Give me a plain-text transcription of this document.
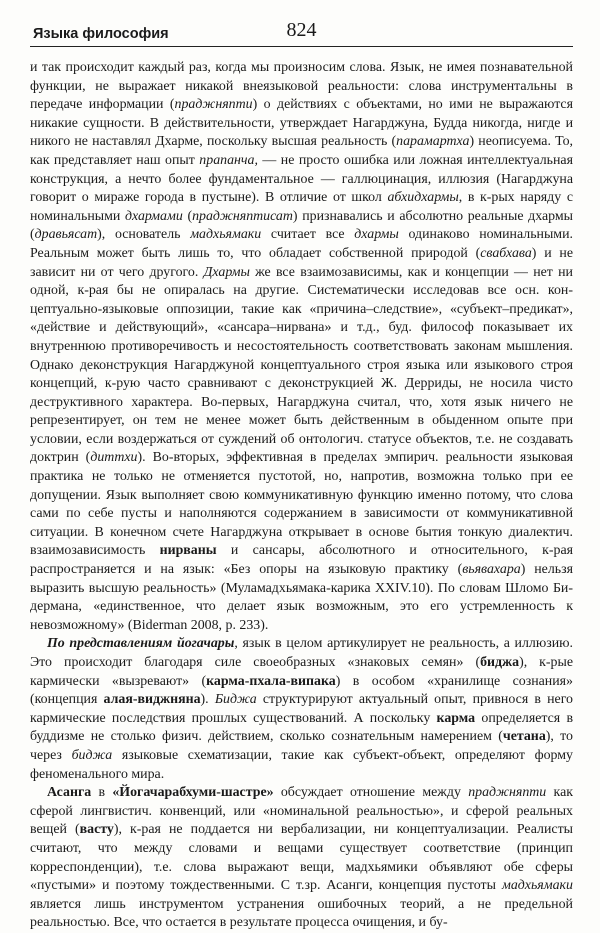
Языка философия	824

и так происходит каждый раз, когда мы произносим слова. Язык, не имея познавательной функции, не выражает никакой внеязыковой реальности: слова инструментальны в передаче информации (праджняпти) о действиях с объектами, но ими не выражаются никакие сущности. В действительности, утверждает Нагарджуна, Будда никогда, нигде и никого не наставлял Дхарме, поскольку высшая реальность (парамартха) неописуема. То, как представляет наш опыт прапанча, — не просто ошибка или ложная интеллектуальная конструкция, а нечто более фундаментальное — галлюцинация, иллюзия (Нагарджуна говорит о мираже города в пустыне). В отличие от школ абхидхармы, в к-рых наряду с номинальными дхармами (праджняптисат) признавались и абсолютно реальные дхармы (дравьясат), основатель мадхьямаки считает все дхармы одинаково номинальными. Реальным может быть лишь то, что обладает собственной природой (свабхава) и не зависит ни от чего другого. Дхармы же все взаимозависимы, как и концепции — нет ни одной, к-рая бы не опиралась на другие. Систематически исследовав все осн. концептуально-языковые оппозиции, такие как «причина–следствие», «субъект–предикат», «действие и действующий», «сансара–нирвана» и т.д., буд. философ показывает их внутреннюю противоречивость и несостоятельность соответствовать законам мышления. Однако деконструкция Нагарджуной концептуального строя языка или языкового строя концепций, к-рую часто сравнивают с деконструкцией Ж. Дерриды, не носила чисто деструктивного характера. Во-первых, Нагарджуна считал, что, хотя язык ничего не репрезентирует, он тем не менее может быть действенным в обыденном опыте при условии, если воздержаться от суждений об онтологич. статусе объектов, т.е. не создавать доктрин (диттхи). Во-вторых, эффективная в пределах эмпирич. реальности языковая практика не только не отменяется пустотой, но, напротив, возможна только при ее допущении. Язык выполняет свою коммуникативную функцию именно потому, что слова сами по себе пусты и наполняются содержанием в зависимости от коммуникативной ситуации. В конечном счете Нагарджуна открывает в основе бытия тонкую диалектич. взаимозависимость нирваны и сансары, абсолютного и относительного, к-рая распространяется и на язык: «Без опоры на языковую практику (вьявахара) нельзя выразить высшую реальность» (Муламадхьямака-карика XXIV.10). По словам Шломо Бидермана, «единственное, что делает язык возможным, это его устремленность к невозможному» (Biderman 2008, p. 233).

По представлениям йогачары, язык в целом артикулирует не реальность, а иллюзию. Это происходит благодаря силе своеобразных «знаковых семян» (биджа), к-рые кармически «вызревают» (карма-пхала-випака) в особом «хранилище сознания» (концепция алая-виджняна). Биджа структурируют актуальный опыт, привнося в него кармические последствия прошлых существований. А поскольку карма определяется в буддизме не столько физич. действием, сколько сознательным намерением (четана), то через биджа языковые схематизации, такие как субъект-объект, определяют форму феноменального мира.

Асанга в «Йогачарабхуми-шастре» обсуждает отношение между праджняпти как сферой лингвистич. конвенций, или «номинальной реальностью», и сферой реальных вещей (васту), к-рая не поддается ни вербализации, ни концептуализации. Реалисты считают, что между словами и вещами существует соответствие (принцип корреспонденции), т.е. слова выражают вещи, мадхьямики объявляют обе сферы «пустыми» и поэтому тождественными. С т.зр. Асанги, концепция пустоты мадхьямаки является лишь инструментом устранения ошибочных теорий, а не предельной реальностью. Все, что остается в результате процесса очищения, и бу-
